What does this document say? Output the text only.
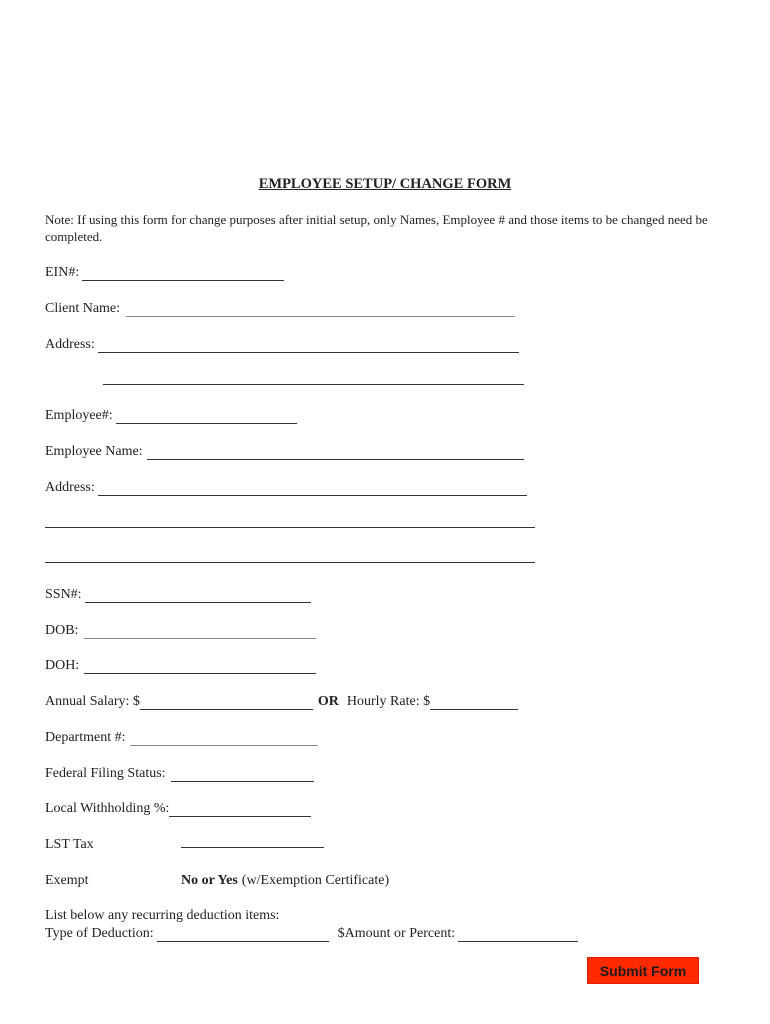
EMPLOYEE SETUP/ CHANGE FORM
Note: If using this form for change purposes after initial setup, only Names, Employee # and those items to be changed need be completed.
EIN#:
Client Name:
Address:
Employee#:
Employee Name:
Address:
SSN#:
DOB:
DOH:
Annual Salary: $	OR Hourly Rate: $
Department #:
Federal Filing Status:
Local Withholding %:
LST Tax
Exempt	No or Yes (w/Exemption Certificate)
List below any recurring deduction items:
Type of Deduction:	$Amount or Percent:
Submit Form
